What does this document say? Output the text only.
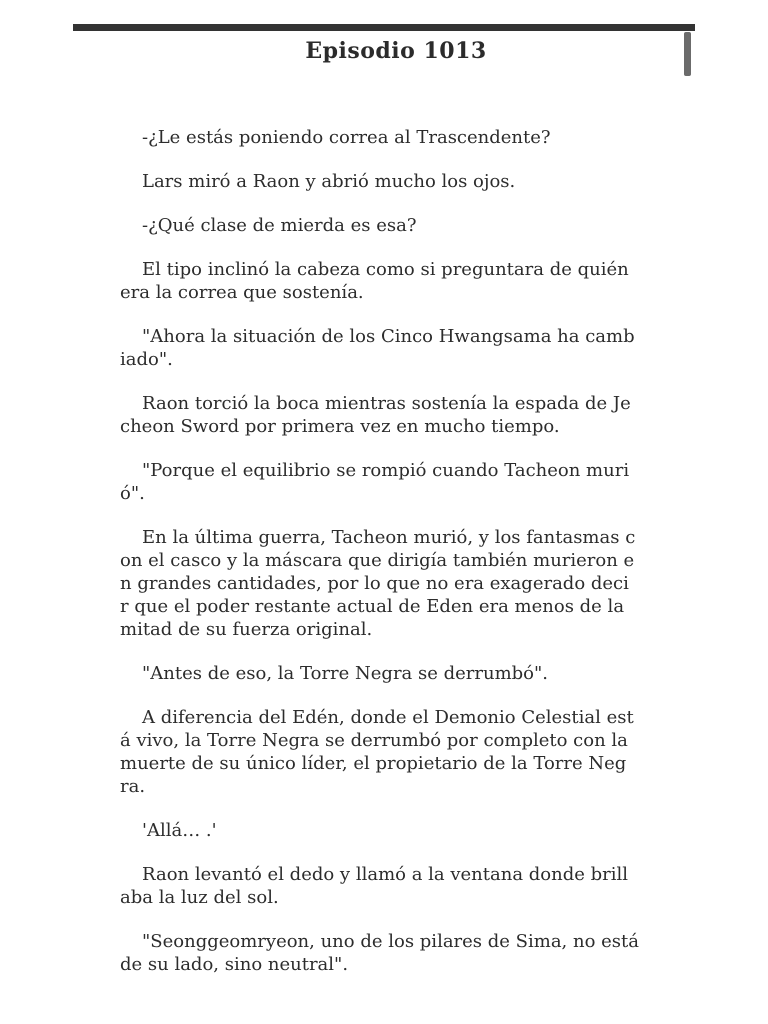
Episodio 1013

-¿Le estás poniendo correa al Trascendente?

Lars miró a Raon y abrió mucho los ojos.

-¿Qué clase de mierda es esa?

El tipo inclinó la cabeza como si preguntara de quién
era la correa que sostenía.

"Ahora la situación de los Cinco Hwangsama ha camb
iado".

Raon torció la boca mientras sostenía la espada de Je
cheon Sword por primera vez en mucho tiempo.

"Porque el equilibrio se rompió cuando Tacheon muri
ó".

En la última guerra, Tacheon murió, y los fantasmas c
on el casco y la máscara que dirigía también murieron e
n grandes cantidades, por lo que no era exagerado deci
r que el poder restante actual de Eden era menos de la
mitad de su fuerza original.

"Antes de eso, la Torre Negra se derrumbó".

A diferencia del Edén, donde el Demonio Celestial est
á vivo, la Torre Negra se derrumbó por completo con la
muerte de su único líder, el propietario de la Torre Neg
ra.

'Allá… .'

Raon levantó el dedo y llamó a la ventana donde brill
aba la luz del sol.

"Seonggeomryeon, uno de los pilares de Sima, no está
de su lado, sino neutral".
